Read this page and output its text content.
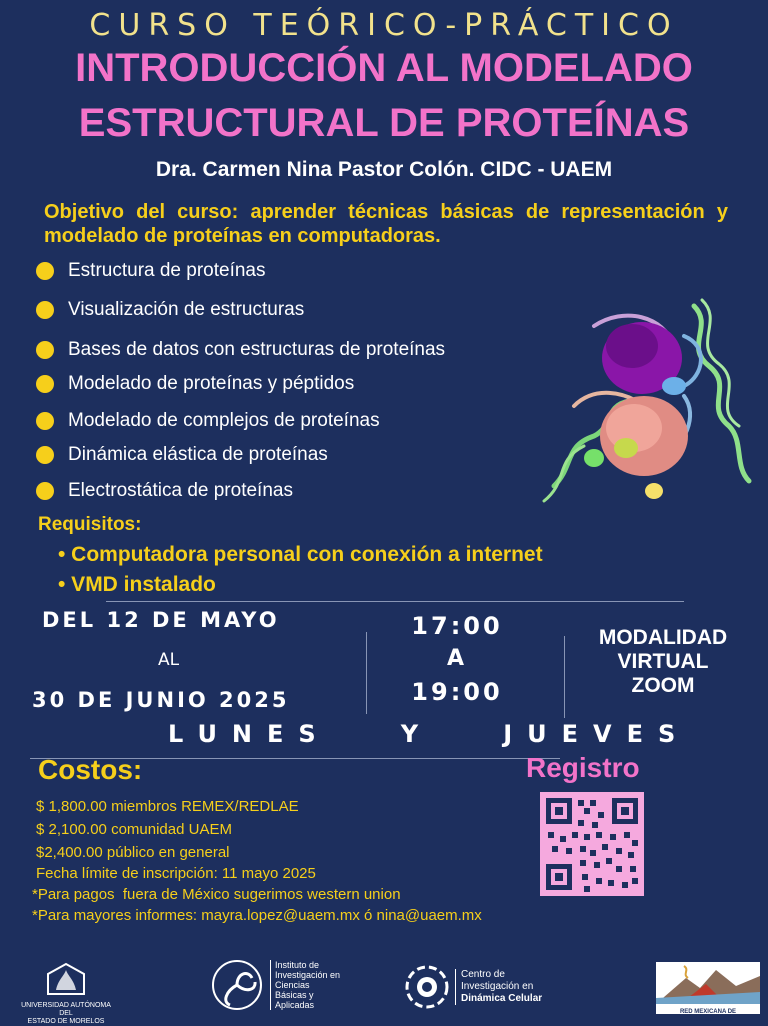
CURSO TEÓRICO-PRÁCTICO
INTRODUCCIÓN AL MODELADO
ESTRUCTURAL DE PROTEÍNAS
Dra. Carmen Nina Pastor Colón. CIDC - UAEM
Objetivo del curso: aprender técnicas básicas de representación y modelado de proteínas en computadoras.
Estructura de proteínas
Visualización de estructuras
Bases de datos con estructuras de proteínas
Modelado de proteínas y péptidos
Modelado de complejos de proteínas
Dinámica elástica de proteínas
Electrostática de proteínas
Requisitos:
• Computadora personal con conexión a internet
• VMD instalado
DEL 12 DE MAYO
AL
30 DE JUNIO 2025
17:00
A
19:00
MODALIDAD
VIRTUAL
ZOOM
LUNES   Y   JUEVES
Costos:
$ 1,800.00 miembros REMEX/REDLAE
$ 2,100.00 comunidad UAEM
$2,400.00 público en general
Fecha límite de inscripción: 11 mayo 2025
*Para pagos  fuera de México sugerimos western union
*Para mayores informes: mayra.lopez@uaem.mx ó nina@uaem.mx
Registro
UNIVERSIDAD AUTÓNOMA DEL
ESTADO DE MORELOS
Instituto de
Investigación en
Ciencias
Básicas y
Aplicadas
Centro de
Investigación en
Dinámica Celular
RED MEXICANA DE EXTREMÓFILOS
